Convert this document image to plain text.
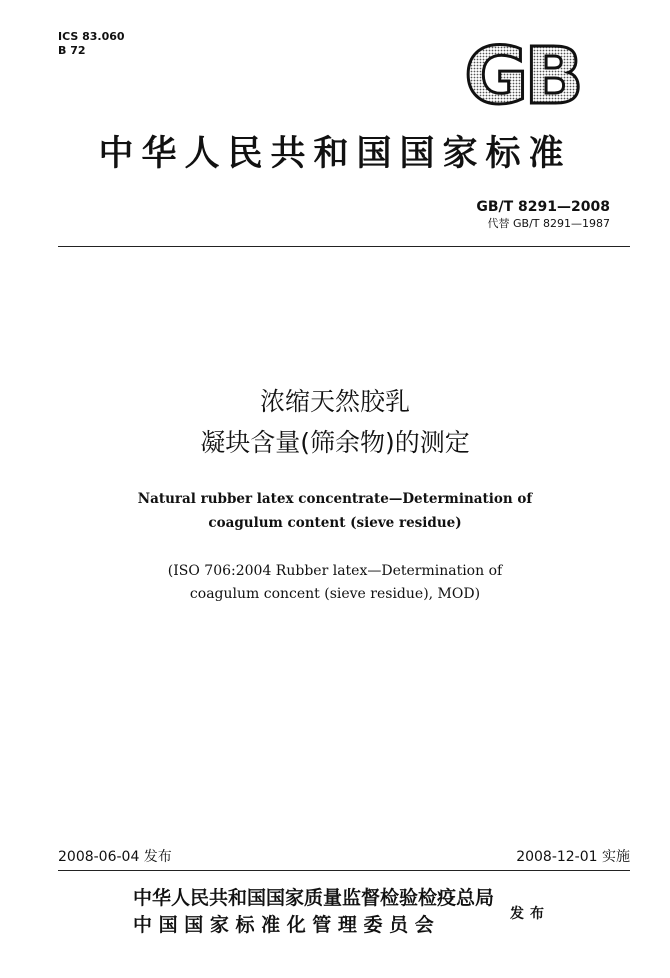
ICS 83.060
B 72	GB
中华人民共和国国家标准
GB/T 8291—2008
代替 GB/T 8291—1987
浓缩天然胶乳
凝块含量(筛余物)的测定
Natural rubber latex concentrate—Determination of
coagulum content (sieve residue)
(ISO 706:2004 Rubber latex—Determination of
coagulum concent (sieve residue), MOD)
2008-06-04 发布	2008-12-01 实施
中华人民共和国国家质量监督检验检疫总局
中 国 国 家 标 准 化 管 理 委 员 会	发布
